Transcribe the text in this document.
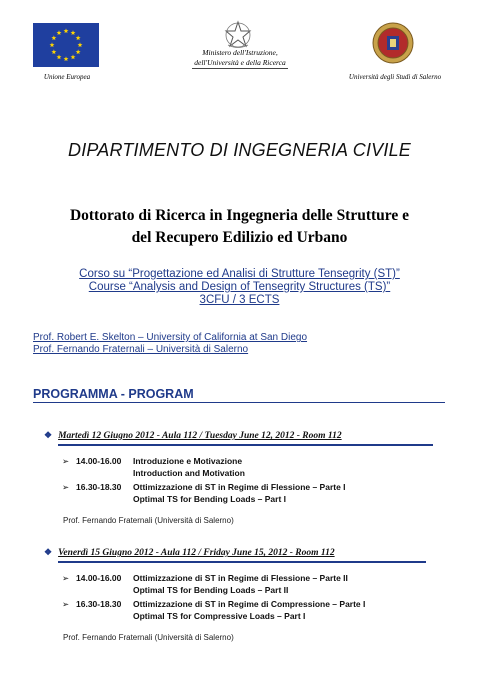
Unione Europea
Ministero dell'Istruzione,
dell'Università e della Ricerca
Università degli Studi di Salerno
DIPARTIMENTO DI INGEGNERIA CIVILE
Dottorato di Ricerca in Ingegneria delle Strutture e
del Recupero Edilizio ed Urbano
Corso su “Progettazione ed Analisi di Strutture Tensegrity (ST)”
Course “Analysis and Design of Tensegrity Structures (TS)”
3CFU / 3 ECTS
Prof. Robert E. Skelton – University of California at San Diego
Prof. Fernando Fraternali – Università di Salerno
PROGRAMMA - PROGRAM
❖ Martedì 12 Giugno 2012 - Aula 112 / Tuesday June 12, 2012 - Room 112
➢ 14.00-16.00 Introduzione e Motivazione
Introduction and Motivation
➢ 16.30-18.30 Ottimizzazione di ST in Regime di Flessione – Parte I
Optimal TS for Bending Loads – Part I
Prof. Fernando Fraternali (Università di Salerno)
❖ Venerdì 15 Giugno 2012 - Aula 112 / Friday June 15, 2012 - Room 112
➢ 14.00-16.00 Ottimizzazione di ST in Regime di Flessione – Parte II
Optimal TS for Bending Loads – Part II
➢ 16.30-18.30 Ottimizzazione di ST in Regime di Compressione – Parte I
Optimal TS for Compressive Loads – Part I
Prof. Fernando Fraternali (Università di Salerno)
